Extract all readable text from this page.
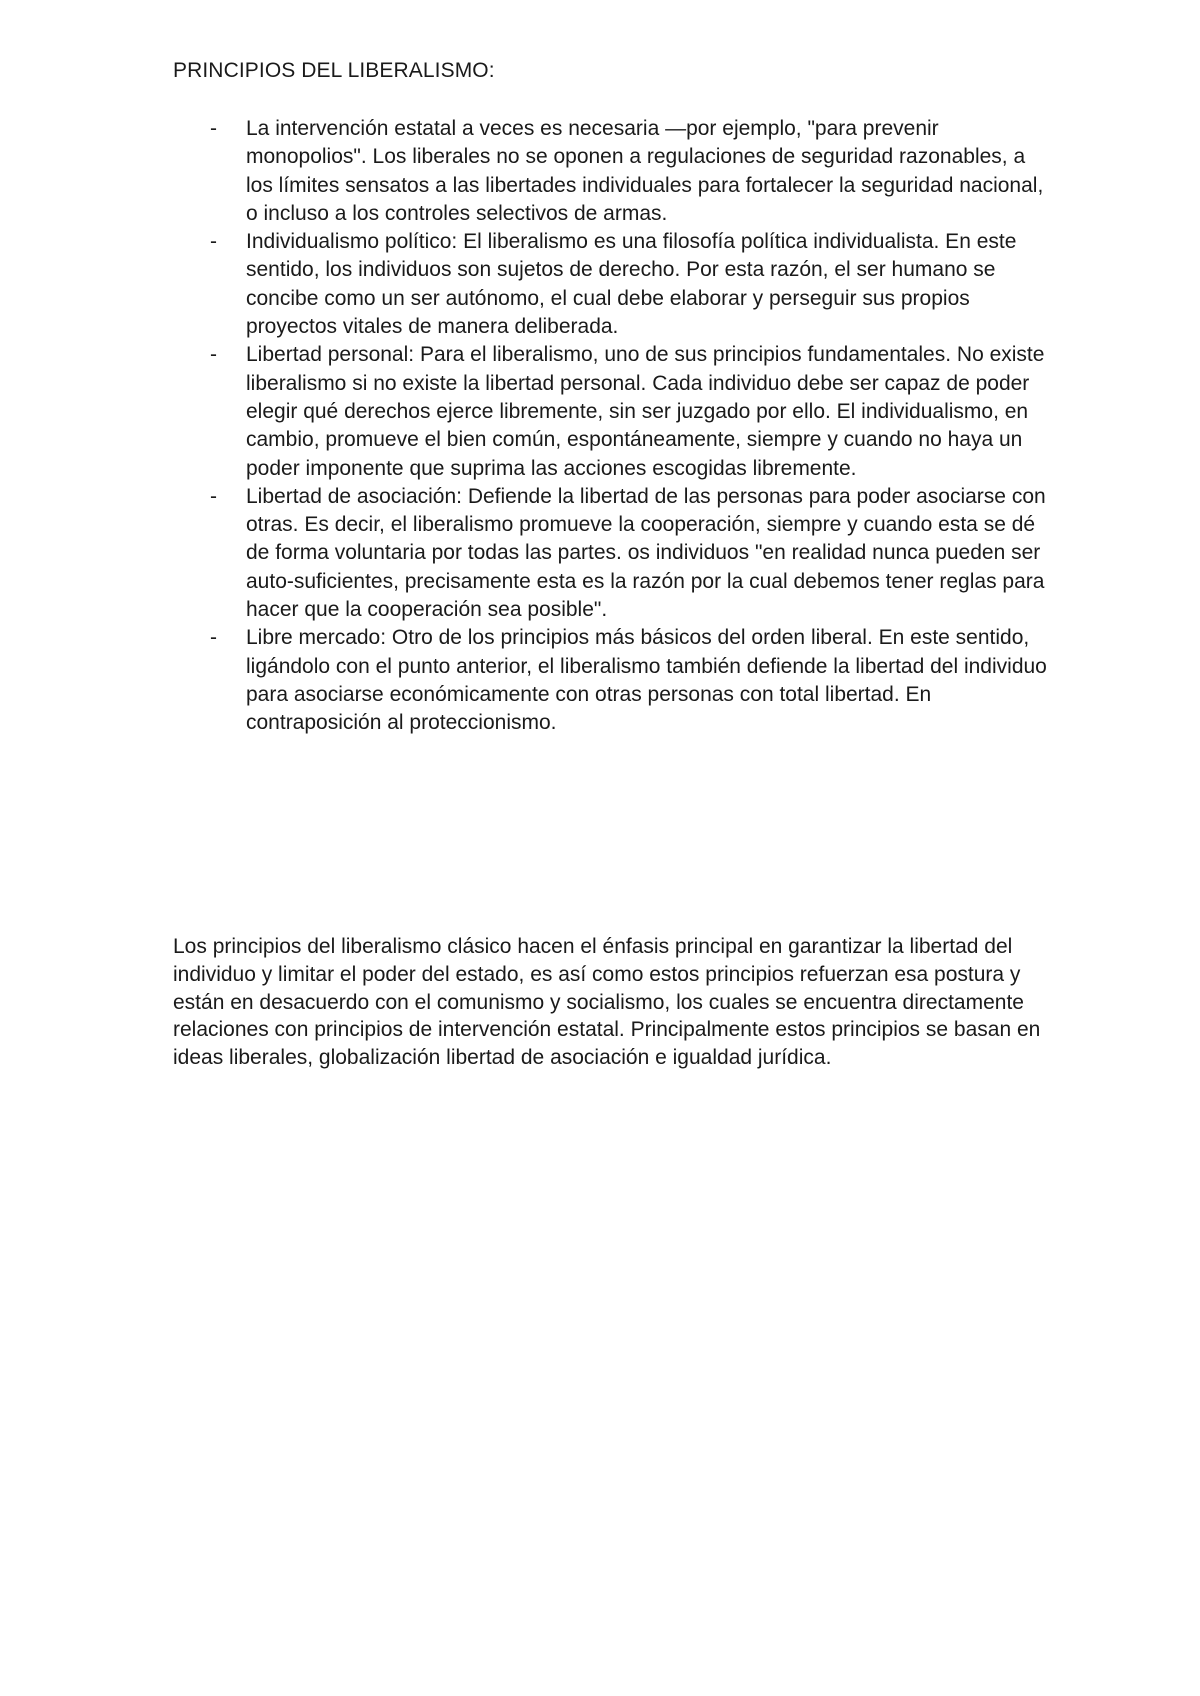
PRINCIPIOS DEL LIBERALISMO:
- La intervención estatal a veces es necesaria —por ejemplo, "para prevenir monopolios". Los liberales no se oponen a regulaciones de seguridad razonables, a los límites sensatos a las libertades individuales para fortalecer la seguridad nacional, o incluso a los controles selectivos de armas.
- Individualismo político: El liberalismo es una filosofía política individualista. En este sentido, los individuos son sujetos de derecho. Por esta razón, el ser humano se concibe como un ser autónomo, el cual debe elaborar y perseguir sus propios proyectos vitales de manera deliberada.
- Libertad personal: Para el liberalismo, uno de sus principios fundamentales. No existe liberalismo si no existe la libertad personal. Cada individuo debe ser capaz de poder elegir qué derechos ejerce libremente, sin ser juzgado por ello. El individualismo, en cambio, promueve el bien común, espontáneamente, siempre y cuando no haya un poder imponente que suprima las acciones escogidas libremente.
- Libertad de asociación: Defiende la libertad de las personas para poder asociarse con otras. Es decir, el liberalismo promueve la cooperación, siempre y cuando esta se dé de forma voluntaria por todas las partes. os individuos "en realidad nunca pueden ser auto-suficientes, precisamente esta es la razón por la cual debemos tener reglas para hacer que la cooperación sea posible".
- Libre mercado: Otro de los principios más básicos del orden liberal. En este sentido, ligándolo con el punto anterior, el liberalismo también defiende la libertad del individuo para asociarse económicamente con otras personas con total libertad. En contraposición al proteccionismo.

Los principios del liberalismo clásico hacen el énfasis principal en garantizar la libertad del individuo y limitar el poder del estado, es así como estos principios refuerzan esa postura y están en desacuerdo con el comunismo y socialismo, los cuales se encuentra directamente relaciones con principios de intervención estatal. Principalmente estos principios se basan en ideas liberales, globalización libertad de asociación e igualdad jurídica.
